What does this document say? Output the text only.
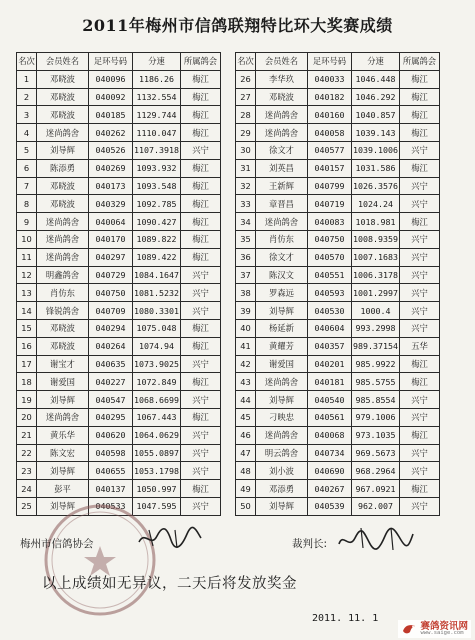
2011年梅州市信鸽联翔特比环大奖赛成绩
名次	会员姓名	足环号码	分速	所属鸽会
1	邓晓波	040096	1186.26	梅江
2	邓晓波	040092	1132.554	梅江
3	邓晓波	040185	1129.744	梅江
4	迷尚鸽舍	040262	1110.047	梅江
5	刘导辉	040526	1107.3918	兴宁
6	陈添勇	040269	1093.932	梅江
7	邓晓波	040173	1093.548	梅江
8	邓晓波	040329	1092.785	梅江
9	迷尚鸽舍	040064	1090.427	梅江
10	迷尚鸽舍	040170	1089.822	梅江
11	迷尚鸽舍	040297	1089.422	梅江
12	明鑫鸽舍	040729	1084.1647	兴宁
13	肖仿东	040750	1081.5232	兴宁
14	锋锐鸽舍	040709	1080.3301	兴宁
15	邓晓波	040294	1075.048	梅江
16	邓晓波	040264	1074.94	梅江
17	谢宝才	040635	1073.9025	兴宁
18	谢爱国	040227	1072.849	梅江
19	刘导辉	040547	1068.6699	兴宁
20	迷尚鸽舍	040295	1067.443	梅江
21	黄乐华	040620	1064.0629	兴宁
22	陈文宏	040598	1055.0897	兴宁
23	刘导辉	040655	1053.1798	兴宁
24	彭平	040137	1050.997	梅江
25	刘导辉	040533	1047.595	兴宁
名次	会员姓名	足环号码	分速	所属鸽会
26	李华玖	040033	1046.448	梅江
27	邓晓波	040182	1046.292	梅江
28	迷尚鸽舍	040160	1040.857	梅江
29	迷尚鸽舍	040058	1039.143	梅江
30	徐文才	040577	1039.1006	兴宁
31	刘英昌	040157	1031.586	梅江
32	王新辉	040799	1026.3576	兴宁
33	章晋昌	040719	1024.24	兴宁
34	迷尚鸽舍	040083	1018.981	梅江
35	肖仿东	040750	1008.9359	兴宁
36	徐文才	040570	1007.1683	兴宁
37	陈汉文	040551	1006.3178	兴宁
38	罗森远	040593	1001.2997	兴宁
39	刘导辉	040530	1000.4	兴宁
40	杨延新	040604	993.2998	兴宁
41	黄耀芳	040357	989.37154	五华
42	谢爱国	040201	985.9922	梅江
43	迷尚鸽舍	040181	985.5755	梅江
44	刘导辉	040540	985.8554	兴宁
45	刁映忠	040561	979.1006	兴宁
46	迷尚鸽舍	040068	973.1035	梅江
47	明云鸽舍	040734	969.5673	兴宁
48	刘小波	040690	968.2964	兴宁
49	邓添勇	040267	967.0921	梅江
50	刘导辉	040539	962.007	兴宁
梅州市信鸽协会	裁判长:
以上成绩如无异议，二天后将发放奖金
2011. 11. 1
赛鸽资讯网
www.saige.com
